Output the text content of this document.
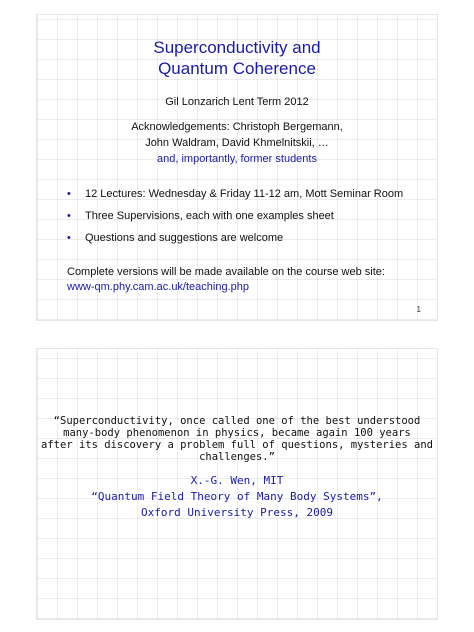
Superconductivity and
Quantum Coherence
Gil Lonzarich Lent Term 2012
Acknowledgements: Christoph Bergemann,
John Waldram, David Khmelnitskii, …
and, importantly, former students
• 12 Lectures: Wednesday & Friday 11-12 am, Mott Seminar Room
• Three Supervisions, each with one examples sheet
• Questions and suggestions are welcome
Complete versions will be made available on the course web site:
www-qm.phy.cam.ac.uk/teaching.php
1
“Superconductivity, once called one of the best understood
many-body phenomenon in physics, became again 100 years
after its discovery a problem full of questions, mysteries and
challenges.”
X.-G. Wen, MIT
“Quantum Field Theory of Many Body Systems”,
Oxford University Press, 2009
